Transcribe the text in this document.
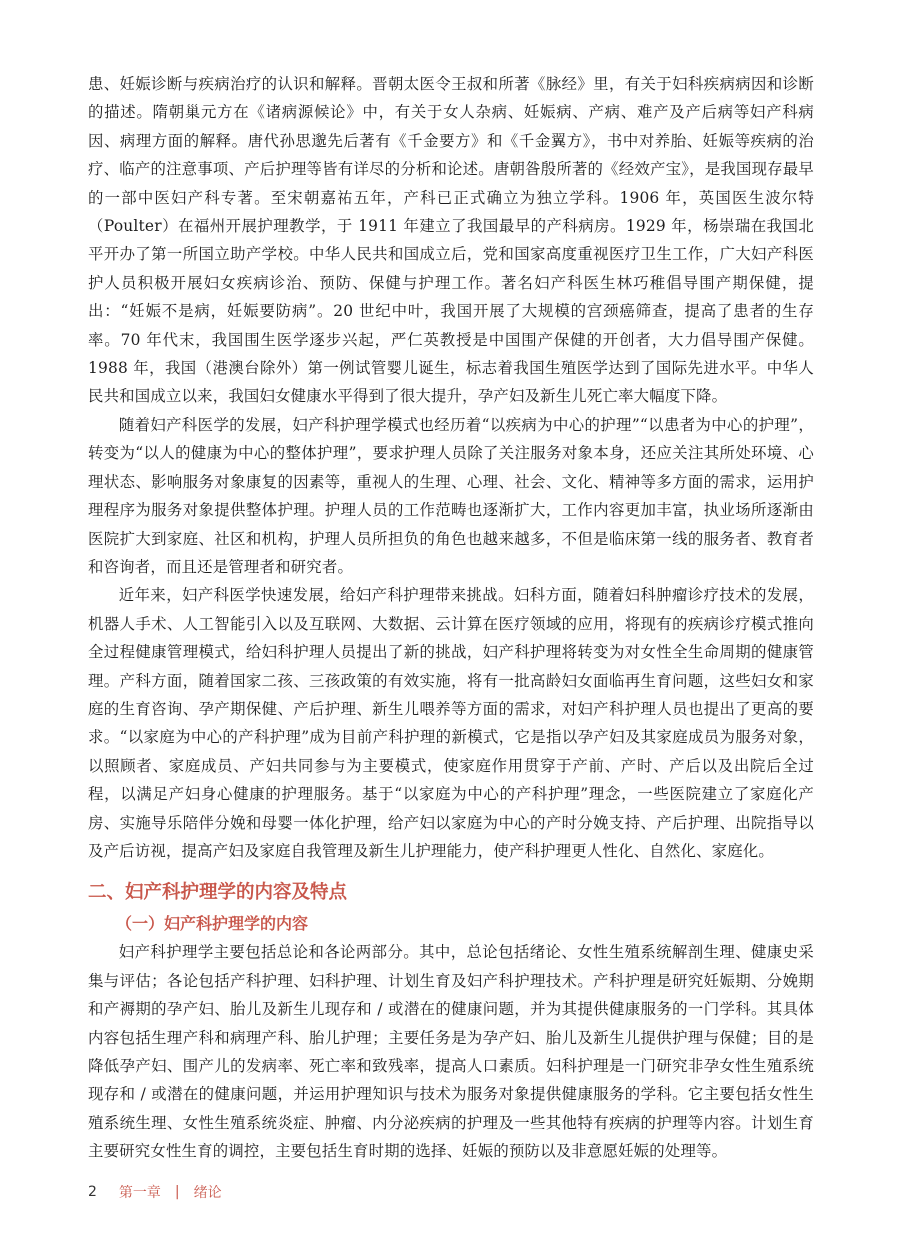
患、妊娠诊断与疾病治疗的认识和解释。晋朝太医令王叔和所著《脉经》里，有关于妇科疾病病因和诊断的描述。隋朝巢元方在《诸病源候论》中，有关于女人杂病、妊娠病、产病、难产及产后病等妇产科病因、病理方面的解释。唐代孙思邈先后著有《千金要方》和《千金翼方》，书中对养胎、妊娠等疾病的治疗、临产的注意事项、产后护理等皆有详尽的分析和论述。唐朝昝殷所著的《经效产宝》，是我国现存最早的一部中医妇产科专著。至宋朝嘉祐五年，产科已正式确立为独立学科。1906 年，英国医生波尔特（Poulter）在福州开展护理教学，于 1911 年建立了我国最早的产科病房。1929 年，杨崇瑞在我国北平开办了第一所国立助产学校。中华人民共和国成立后，党和国家高度重视医疗卫生工作，广大妇产科医护人员积极开展妇女疾病诊治、预防、保健与护理工作。著名妇产科医生林巧稚倡导围产期保健，提出：“妊娠不是病，妊娠要防病”。20 世纪中叶，我国开展了大规模的宫颈癌筛查，提高了患者的生存率。70 年代末，我国围生医学逐步兴起，严仁英教授是中国围产保健的开创者，大力倡导围产保健。1988 年，我国（港澳台除外）第一例试管婴儿诞生，标志着我国生殖医学达到了国际先进水平。中华人民共和国成立以来，我国妇女健康水平得到了很大提升，孕产妇及新生儿死亡率大幅度下降。

随着妇产科医学的发展，妇产科护理学模式也经历着“以疾病为中心的护理”“以患者为中心的护理”，转变为“以人的健康为中心的整体护理”，要求护理人员除了关注服务对象本身，还应关注其所处环境、心理状态、影响服务对象康复的因素等，重视人的生理、心理、社会、文化、精神等多方面的需求，运用护理程序为服务对象提供整体护理。护理人员的工作范畴也逐渐扩大，工作内容更加丰富，执业场所逐渐由医院扩大到家庭、社区和机构，护理人员所担负的角色也越来越多，不但是临床第一线的服务者、教育者和咨询者，而且还是管理者和研究者。

近年来，妇产科医学快速发展，给妇产科护理带来挑战。妇科方面，随着妇科肿瘤诊疗技术的发展，机器人手术、人工智能引入以及互联网、大数据、云计算在医疗领域的应用，将现有的疾病诊疗模式推向全过程健康管理模式，给妇科护理人员提出了新的挑战，妇产科护理将转变为对女性全生命周期的健康管理。产科方面，随着国家二孩、三孩政策的有效实施，将有一批高龄妇女面临再生育问题，这些妇女和家庭的生育咨询、孕产期保健、产后护理、新生儿喂养等方面的需求，对妇产科护理人员也提出了更高的要求。“以家庭为中心的产科护理”成为目前产科护理的新模式，它是指以孕产妇及其家庭成员为服务对象，以照顾者、家庭成员、产妇共同参与为主要模式，使家庭作用贯穿于产前、产时、产后以及出院后全过程，以满足产妇身心健康的护理服务。基于“以家庭为中心的产科护理”理念，一些医院建立了家庭化产房、实施导乐陪伴分娩和母婴一体化护理，给产妇以家庭为中心的产时分娩支持、产后护理、出院指导以及产后访视，提高产妇及家庭自我管理及新生儿护理能力，使产科护理更人性化、自然化、家庭化。

二、妇产科护理学的内容及特点
（一）妇产科护理学的内容

妇产科护理学主要包括总论和各论两部分。其中，总论包括绪论、女性生殖系统解剖生理、健康史采集与评估；各论包括产科护理、妇科护理、计划生育及妇产科护理技术。产科护理是研究妊娠期、分娩期和产褥期的孕产妇、胎儿及新生儿现存和 / 或潜在的健康问题，并为其提供健康服务的一门学科。其具体内容包括生理产科和病理产科、胎儿护理；主要任务是为孕产妇、胎儿及新生儿提供护理与保健；目的是降低孕产妇、围产儿的发病率、死亡率和致残率，提高人口素质。妇科护理是一门研究非孕女性生殖系统现存和 / 或潜在的健康问题，并运用护理知识与技术为服务对象提供健康服务的学科。它主要包括女性生殖系统生理、女性生殖系统炎症、肿瘤、内分泌疾病的护理及一些其他特有疾病的护理等内容。计划生育主要研究女性生育的调控，主要包括生育时期的选择、妊娠的预防以及非意愿妊娠的处理等。

2 第一章 | 绪论
